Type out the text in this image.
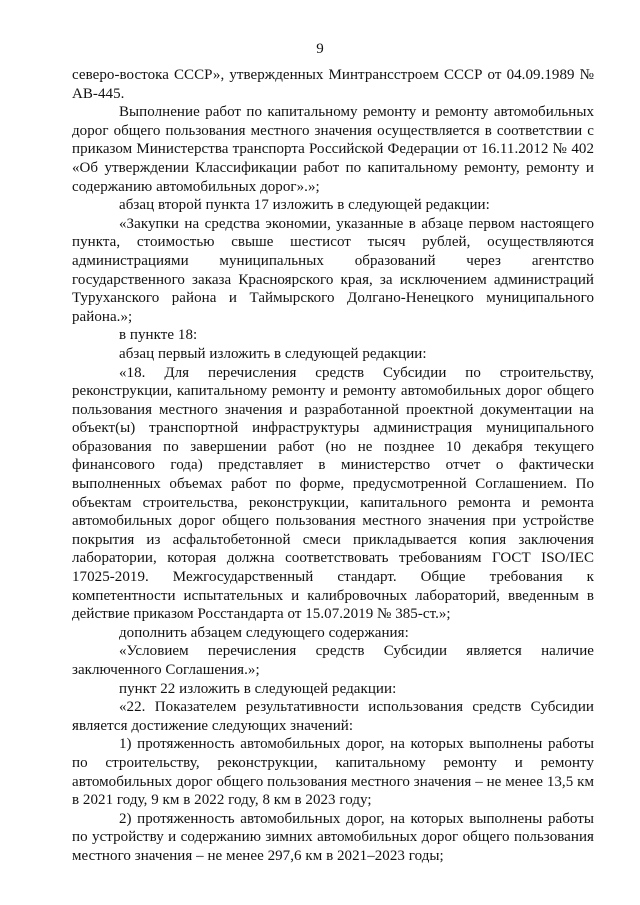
9

северо-востока СССР», утвержденных Минтрансстроем СССР от 04.09.1989 № АВ-445.

Выполнение работ по капитальному ремонту и ремонту автомобильных дорог общего пользования местного значения осуществляется в соответствии с приказом Министерства транспорта Российской Федерации от 16.11.2012 № 402 «Об утверждении Классификации работ по капитальному ремонту, ремонту и содержанию автомобильных дорог».»;

абзац второй пункта 17 изложить в следующей редакции:

«Закупки на средства экономии, указанные в абзаце первом настоящего пункта, стоимостью свыше шестисот тысяч рублей, осуществляются администрациями муниципальных образований через агентство государственного заказа Красноярского края, за исключением администраций Туруханского района и Таймырского Долгано-Ненецкого муниципального района.»;

в пункте 18:

абзац первый изложить в следующей редакции:

«18. Для перечисления средств Субсидии по строительству, реконструкции, капитальному ремонту и ремонту автомобильных дорог общего пользования местного значения и разработанной проектной документации на объект(ы) транспортной инфраструктуры администрация муниципального образования по завершении работ (но не позднее 10 декабря текущего финансового года) представляет в министерство отчет о фактически выполненных объемах работ по форме, предусмотренной Соглашением. По объектам строительства, реконструкции, капитального ремонта и ремонта автомобильных дорог общего пользования местного значения при устройстве покрытия из асфальтобетонной смеси прикладывается копия заключения лаборатории, которая должна соответствовать требованиям ГОСТ ISO/IEC 17025-2019. Межгосударственный стандарт. Общие требования к компетентности испытательных и калибровочных лабораторий, введенным в действие приказом Росстандарта от 15.07.2019 № 385-ст.»;

дополнить абзацем следующего содержания:

«Условием перечисления средств Субсидии является наличие заключенного Соглашения.»;

пункт 22 изложить в следующей редакции:

«22. Показателем результативности использования средств Субсидии является достижение следующих значений:

1) протяженность автомобильных дорог, на которых выполнены работы по строительству, реконструкции, капитальному ремонту и ремонту автомобильных дорог общего пользования местного значения – не менее 13,5 км в 2021 году, 9 км в 2022 году, 8 км в 2023 году;

2) протяженность автомобильных дорог, на которых выполнены работы по устройству и содержанию зимних автомобильных дорог общего пользования местного значения – не менее 297,6 км в 2021–2023 годы;
